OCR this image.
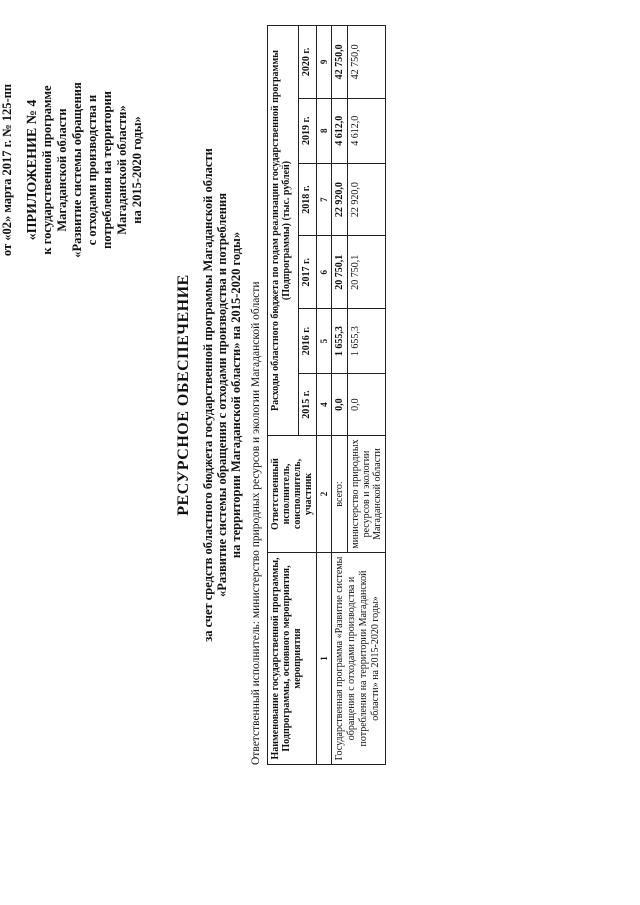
от «02» марта 2017 г. № 125-пп «ПРИЛОЖЕНИЕ № 4 к государственной программе Магаданской области «Развитие системы обращения с отходами производства и потребления на территории Магаданской области» на 2015-2020 годы»
РЕСУРСНОЕ ОБЕСПЕЧЕНИЕ за счет средств областного бюджета государственной программы Магаданской области «Развитие системы обращения с отходами производства и потребления на территории Магаданской области» на 2015-2020 годы» Ответственный исполнитель: министерство природных ресурсов и экологии Магаданской области Наименование государственной программы, Подпрограммы, основного мероприятия, мероприятия	Ответственный исполнитель, соисполнитель, участник	Расходы областного бюджета по годам реализации государственной программы (Подпрограммы) (тыс. рублей)					
		2015 г.	2016 г.	2017 г.	2018 г.	2019 г.	2020 г.
1	2	4	5	6	7	8	9
Государственная программа «Развитие системы обращения с отходами производства и потребления на территории Магаданской области» на 2015-2020 годы»	всего:	0,0	1 655,3	20 750,1	22 920,0	4 612,0	42 750,0
	министерство природных ресурсов и экологии Магаданской области	0,0	1 655,3	20 750,1	22 920,0	4 612,0	42 750,0
